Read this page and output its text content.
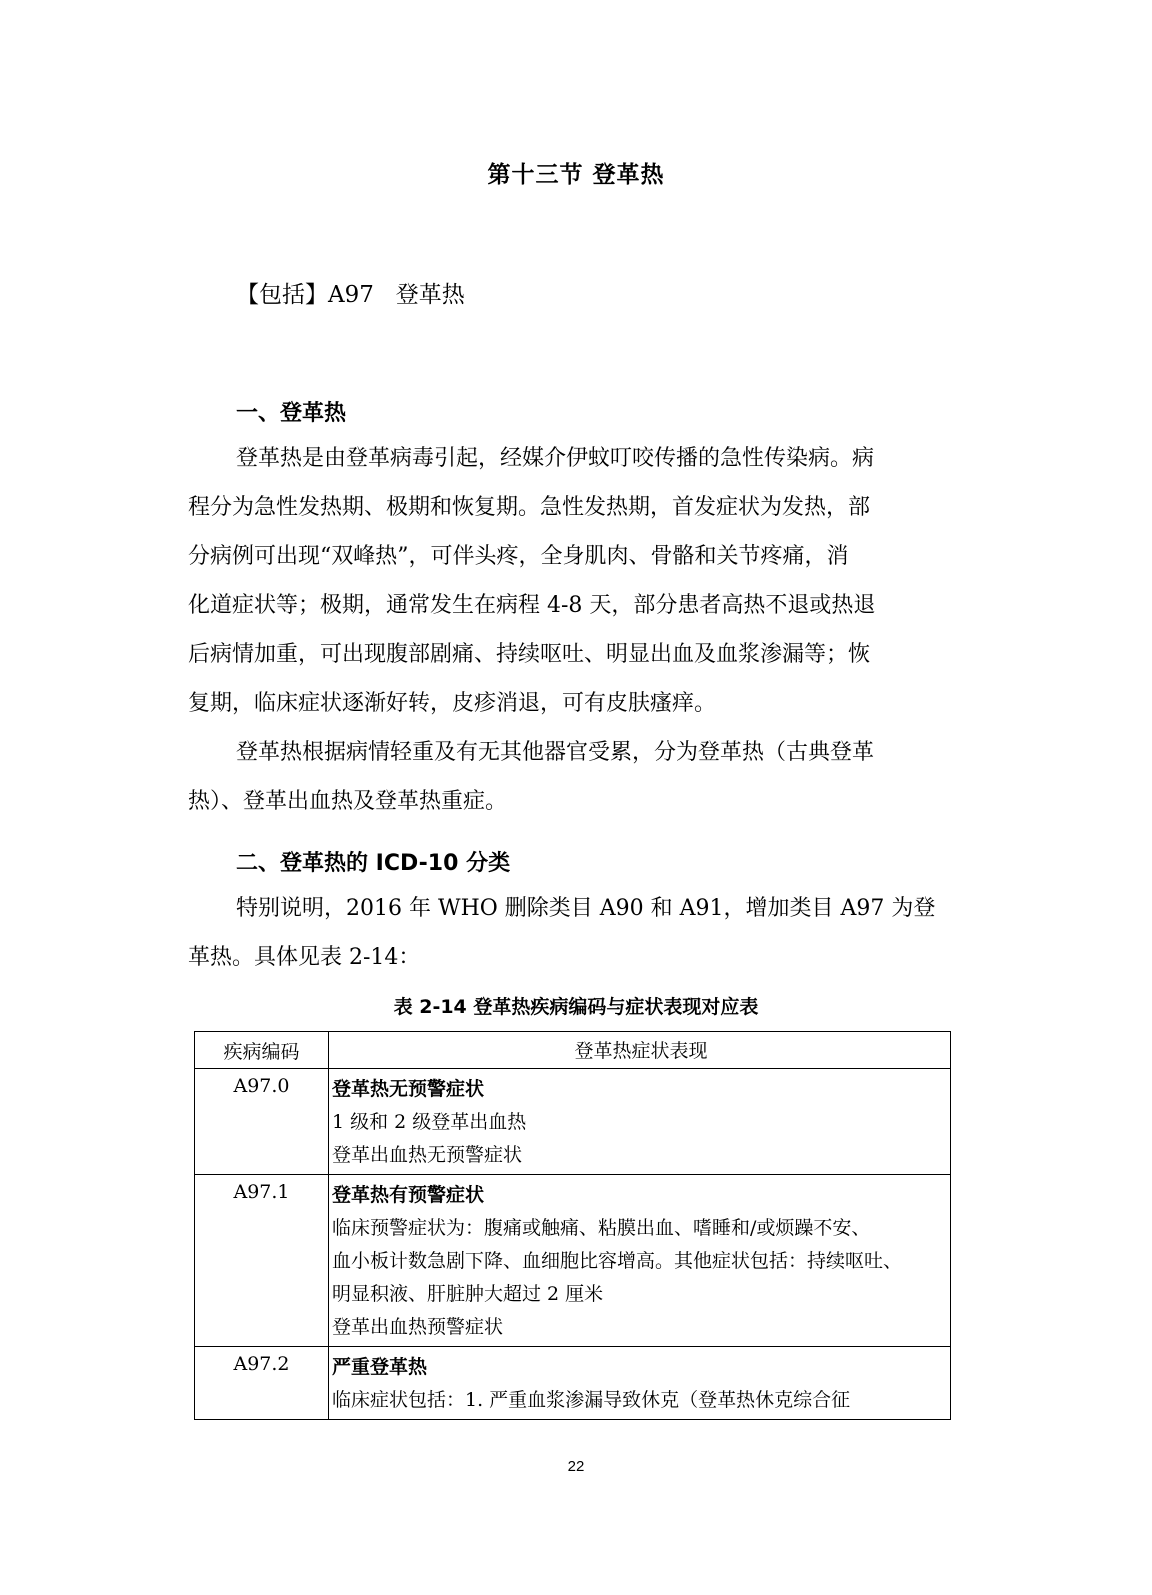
第十三节 登革热
【包括】A97   登革热
一、登革热
登革热是由登革病毒引起，经媒介伊蚊叮咬传播的急性传染病。病
程分为急性发热期、极期和恢复期。急性发热期，首发症状为发热，部
分病例可出现“双峰热”，可伴头疼，全身肌肉、骨骼和关节疼痛，消
化道症状等；极期，通常发生在病程 4-8 天，部分患者高热不退或热退
后病情加重，可出现腹部剧痛、持续呕吐、明显出血及血浆渗漏等；恢
复期，临床症状逐渐好转，皮疹消退，可有皮肤瘙痒。
登革热根据病情轻重及有无其他器官受累，分为登革热（古典登革
热）、登革出血热及登革热重症。
二、登革热的 ICD-10 分类
特别说明，2016 年 WHO 删除类目 A90 和 A91，增加类目 A97 为登
革热。具体见表 2-14：
表 2-14 登革热疾病编码与症状表现对应表
疾病编码	登革热症状表现
A97.0	登革热无预警症状
1 级和 2 级登革出血热
登革出血热无预警症状

A97.1	登革热有预警症状
临床预警症状为：腹痛或触痛、粘膜出血、嗜睡和/或烦躁不安、
血小板计数急剧下降、血细胞比容增高。其他症状包括：持续呕吐、
明显积液、肝脏肿大超过 2 厘米
登革出血热预警症状

A97.2	严重登革热
临床症状包括：1. 严重血浆渗漏导致休克（登革热休克综合征
22
